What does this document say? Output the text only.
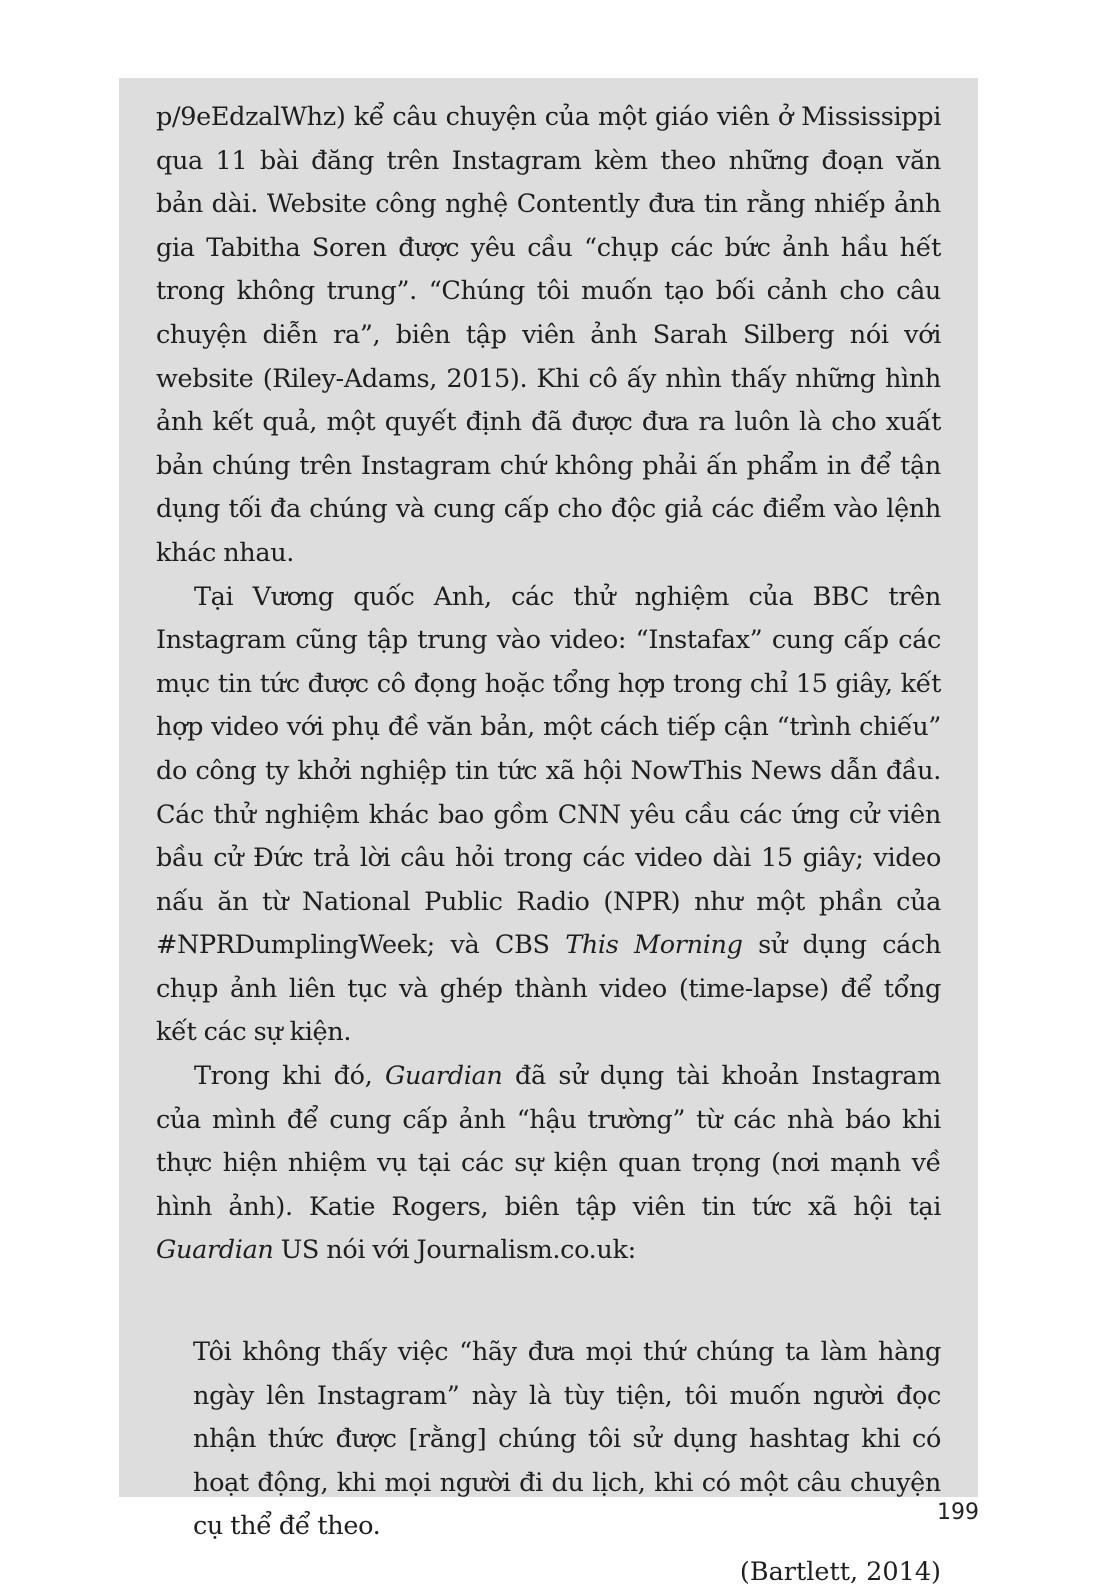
p/9eEdzalWhz) kể câu chuyện của một giáo viên ở Mississippi qua 11 bài đăng trên Instagram kèm theo những đoạn văn bản dài. Website công nghệ Contently đưa tin rằng nhiếp ảnh gia Tabitha Soren được yêu cầu “chụp các bức ảnh hầu hết trong không trung”. “Chúng tôi muốn tạo bối cảnh cho câu chuyện diễn ra”, biên tập viên ảnh Sarah Silberg nói với website (Riley-Adams, 2015). Khi cô ấy nhìn thấy những hình ảnh kết quả, một quyết định đã được đưa ra luôn là cho xuất bản chúng trên Instagram chứ không phải ấn phẩm in để tận dụng tối đa chúng và cung cấp cho độc giả các điểm vào lệnh khác nhau.

Tại Vương quốc Anh, các thử nghiệm của BBC trên Instagram cũng tập trung vào video: “Instafax” cung cấp các mục tin tức được cô đọng hoặc tổng hợp trong chỉ 15 giây, kết hợp video với phụ đề văn bản, một cách tiếp cận “trình chiếu” do công ty khởi nghiệp tin tức xã hội NowThis News dẫn đầu. Các thử nghiệm khác bao gồm CNN yêu cầu các ứng cử viên bầu cử Đức trả lời câu hỏi trong các video dài 15 giây; video nấu ăn từ National Public Radio (NPR) như một phần của #NPRDumplingWeek; và CBS This Morning sử dụng cách chụp ảnh liên tục và ghép thành video (time-lapse) để tổng kết các sự kiện.

Trong khi đó, Guardian đã sử dụng tài khoản Instagram của mình để cung cấp ảnh “hậu trường” từ các nhà báo khi thực hiện nhiệm vụ tại các sự kiện quan trọng (nơi mạnh về hình ảnh). Katie Rogers, biên tập viên tin tức xã hội tại Guardian US nói với Journalism.co.uk:

Tôi không thấy việc “hãy đưa mọi thứ chúng ta làm hàng ngày lên Instagram” này là tùy tiện, tôi muốn người đọc nhận thức được [rằng] chúng tôi sử dụng hashtag khi có hoạt động, khi mọi người đi du lịch, khi có một câu chuyện cụ thể để theo.

(Bartlett, 2014)

199
